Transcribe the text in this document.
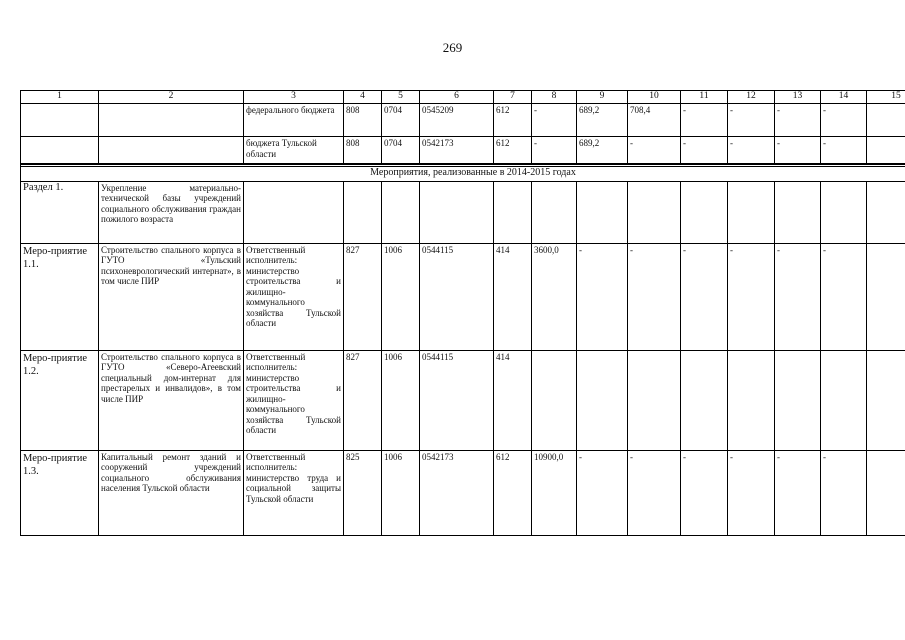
269
1	2	3	4	5	6	7	8	9	10	11	12	13	14	15
		федерального бюджета	808	0704	0545209	612	-	689,2	708,4	-	-	-	-	
		бюджета Тульской области	808	0704	0542173	612	-	689,2	-	-	-	-	-	

Мероприятия, реализованные в 2014-2015 годах														
Раздел 1.	Укрепление материально-технической базы учреждений социального обслуживания граждан пожилого возраста													
Меро-приятие 1.1.	Строительство спального корпуса в ГУТО «Тульский психоневрологический интернат», в том числе ПИР	Ответственный исполнитель: министерство строительства и жилищно-коммунального хозяйства Тульской области	827	1006	0544115	414	3600,0	-	-	-	-	-	-	
Меро-приятие 1.2.	Строительство спального корпуса в ГУТО «Северо-Агеевский специальный дом-интернат для престарелых и инвалидов», в том числе ПИР	Ответственный исполнитель: министерство строительства и жилищно-коммунального хозяйства Тульской области	827	1006	0544115	414								
Меро-приятие 1.3.	Капитальный ремонт зданий и сооружений учреждений социального обслуживания населения Тульской области	Ответственный исполнитель: министерство труда и социальной защиты Тульской области	825	1006	0542173	612	10900,0	-	-	-	-	-	-	
